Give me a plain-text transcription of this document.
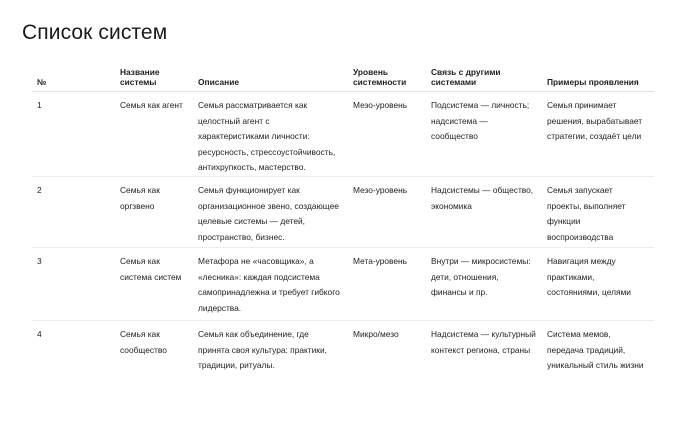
Список систем
№	Название системы	Описание	Уровень системности	Связь с другими системами	Примеры проявления
1	Семья как агент	Семья рассматривается как целостный агент с характеристиками личности: ресурсность, стрессоустойчивость, антихрупкость, мастерство.	Мезо-уровень	Подсистема — личность; надсистема — сообщество	Семья принимает решения, вырабатывает стратегии, создаёт цели
2	Семья как оргзвено	Семья функционирует как организационное звено, создающее целевые системы — детей, пространство, бизнес.	Мезо-уровень	Надсистемы — общество, экономика	Семья запускает проекты, выполняет функции воспроизводства
3	Семья как система систем	Метафора не «часовщика», а «лесника»: каждая подсистема самопринадлежна и требует гибкого лидерства.	Мета-уровень	Внутри — микросистемы: дети, отношения, финансы и пр.	Навигация между практиками, состояниями, целями
4	Семья как сообщество	Семья как объединение, где принята своя культура: практики, традиции, ритуалы.	Микро/мезо	Надсистема — культурный контекст региона, страны	Система мемов, передача традиций, уникальный стиль жизни
